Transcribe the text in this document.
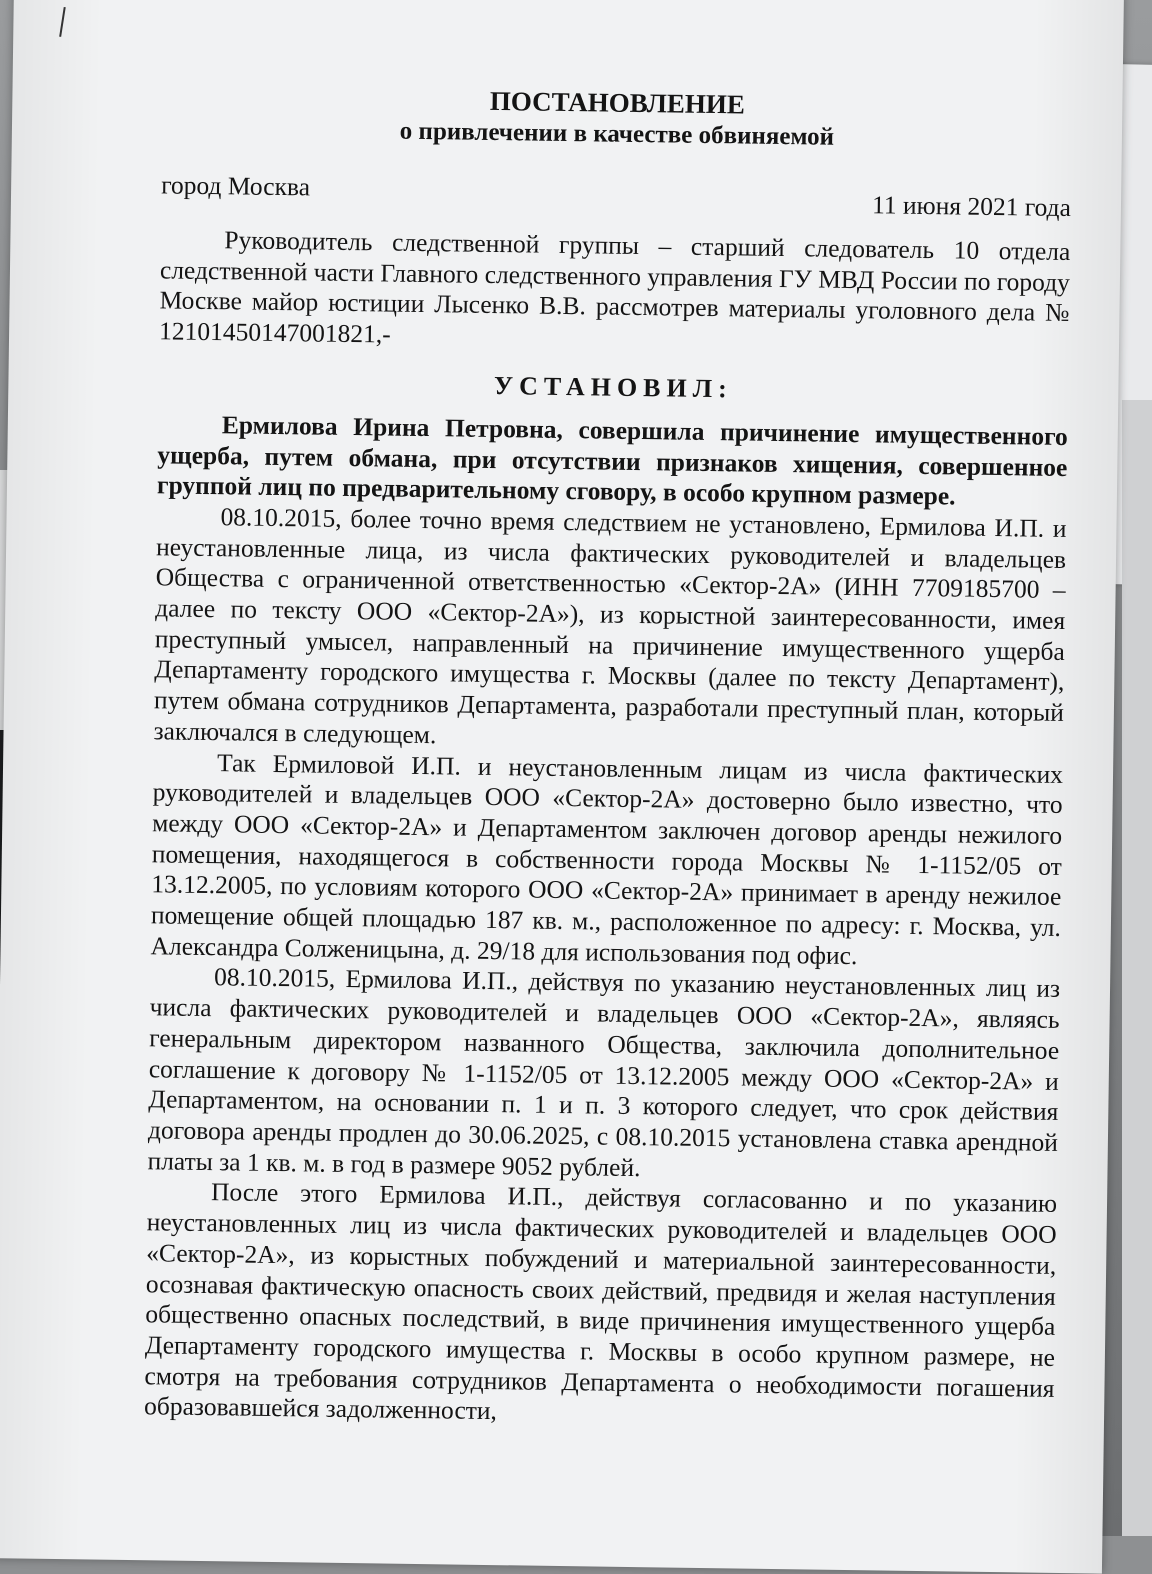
ПОСТАНОВЛЕНИЕ

о привлечении в качестве обвиняемой

город Москва
11 июня 2021 года

Руководитель следственной группы – старший следователь 10 отдела следственной части Главного следственного управления ГУ МВД России по городу Москве майор юстиции Лысенко В.В. рассмотрев материалы уголовного дела № 12101450147001821,-

УСТАНОВИЛ:

Ермилова Ирина Петровна, совершила причинение имущественного ущерба, путем обмана, при отсутствии признаков хищения, совершенное группой лиц по предварительному сговору, в особо крупном размере.

08.10.2015, более точно время следствием не установлено, Ермилова И.П. и неустановленные лица, из числа фактических руководителей и владельцев Общества с ограниченной ответственностью «Сектор-2А» (ИНН 7709185700 – далее по тексту ООО «Сектор-2А»), из корыстной заинтересованности, имея преступный умысел, направленный на причинение имущественного ущерба Департаменту городского имущества г. Москвы (далее по тексту Департамент), путем обмана сотрудников Департамента, разработали преступный план, который заключался в следующем.

Так Ермиловой И.П. и неустановленным лицам из числа фактических руководителей и владельцев ООО «Сектор-2А» достоверно было известно, что между ООО «Сектор-2А» и Департаментом заключен договор аренды нежилого помещения, находящегося в собственности города Москвы № 1-1152/05 от 13.12.2005, по условиям которого ООО «Сектор-2А» принимает в аренду нежилое помещение общей площадью 187 кв. м., расположенное по адресу: г. Москва, ул. Александра Солженицына, д. 29/18 для использования под офис.

08.10.2015, Ермилова И.П., действуя по указанию неустановленных лиц из числа фактических руководителей и владельцев ООО «Сектор-2А», являясь генеральным директором названного Общества, заключила дополнительное соглашение к договору № 1-1152/05 от 13.12.2005 между ООО «Сектор-2А» и Департаментом, на основании п. 1 и п. 3 которого следует, что срок действия договора аренды продлен до 30.06.2025, с 08.10.2015 установлена ставка арендной платы за 1 кв. м. в год в размере 9052 рублей.

После этого Ермилова И.П., действуя согласованно и по указанию неустановленных лиц из числа фактических руководителей и владельцев ООО «Сектор-2А», из корыстных побуждений и материальной заинтересованности, осознавая фактическую опасность своих действий, предвидя и желая наступления общественно опасных последствий, в виде причинения имущественного ущерба Департаменту городского имущества г. Москвы в особо крупном размере, не смотря на требования сотрудников Департамента о необходимости погашения образовавшейся задолженности,
